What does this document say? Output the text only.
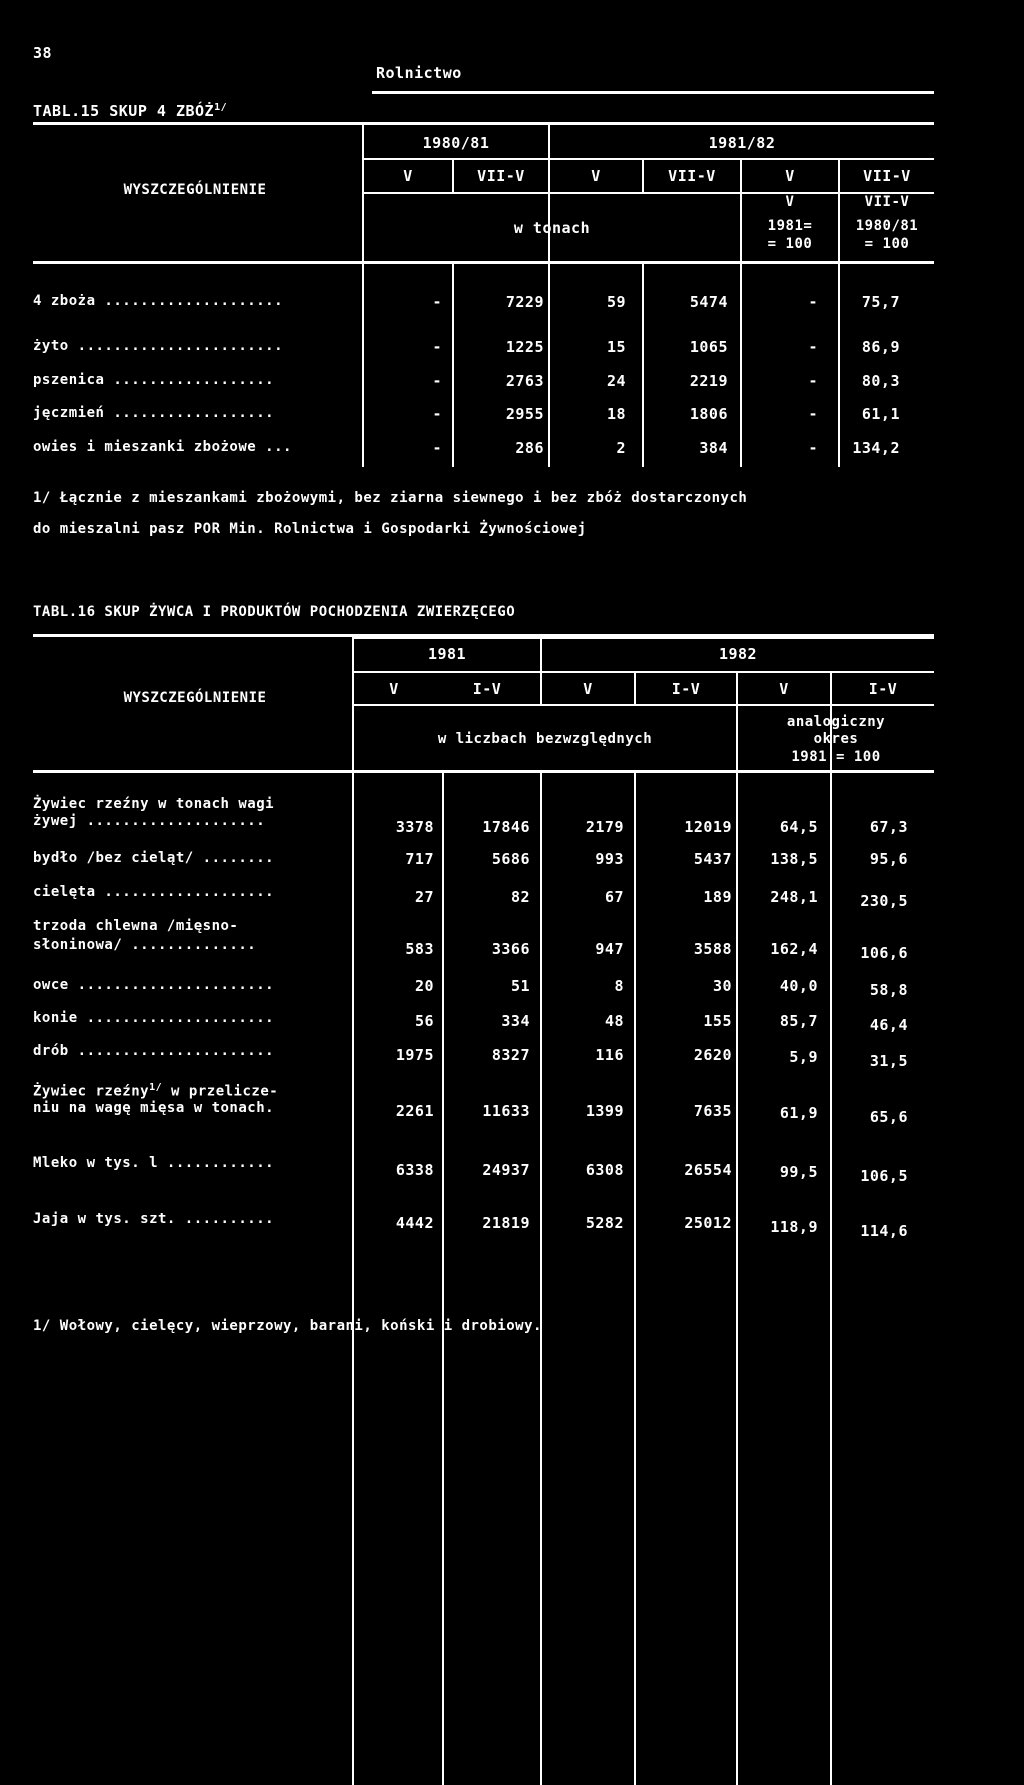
38
Rolnictwo
TABL.15 SKUP 4 $ZBÓŻ^{1/}$
WYSZCZEGÓLNIENIE
1980/81	1981/82
V	VII-V	V	VII-V	V	VII-V
w tonach
V
1981=
= 100
VII-V
1980/81
= 100
4 zboża ....................	-	7229	59	5474	-	75,7
żyto .......................	-	1225	15	1065	-	86,9
pszenica ..................	-	2763	24	2219	-	80,3
jęczmień ..................	-	2955	18	1806	-	61,1
owies i mieszanki zbożowe ...	-	286	2	384	-	134,2
1/ Łącznie z mieszankami zbożowymi, bez ziarna siewnego i bez zbóż dostarczonych
do mieszalni pasz POR Min. Rolnictwa i Gospodarki Żywnościowej
TABL.16 SKUP ŻYWCA I PRODUKTÓW POCHODZENIA ZWIERZĘCEGO
WYSZCZEGÓLNIENIE
1981	1982
V	I-V	V	I-V	V	I-V
w liczbach bezwzględnych
analogiczny
okres
1981 = 100
Żywiec rzeźny w tonach wagi
żywej ....................	3378	17846	2179	12019	64,5	67,3
bydło /bez cieląt/ ........	717	5686	993	5437	138,5	95,6
cielęta ...................	27	82	67	189	248,1	230,5
trzoda chlewna /mięsno-
słoninowa/ ..............	583	3366	947	3588	162,4	106,6
owce ......................	20	51	8	30	40,0	58,8
konie .....................	56	334	48	155	85,7	46,4
drób ......................	1975	8327	116	2620	5,9	31,5
Żywiec rzeźny$^{1/}$ w przelicze-
niu na wagę mięsa w tonach.	2261	11633	1399	7635	61,9	65,6
Mleko w tys. l ............	6338	24937	6308	26554	99,5	106,5
Jaja w tys. szt. ..........	4442	21819	5282	25012	118,9	114,6
1/ Wołowy, cielęcy, wieprzowy, barani, koński i drobiowy.
